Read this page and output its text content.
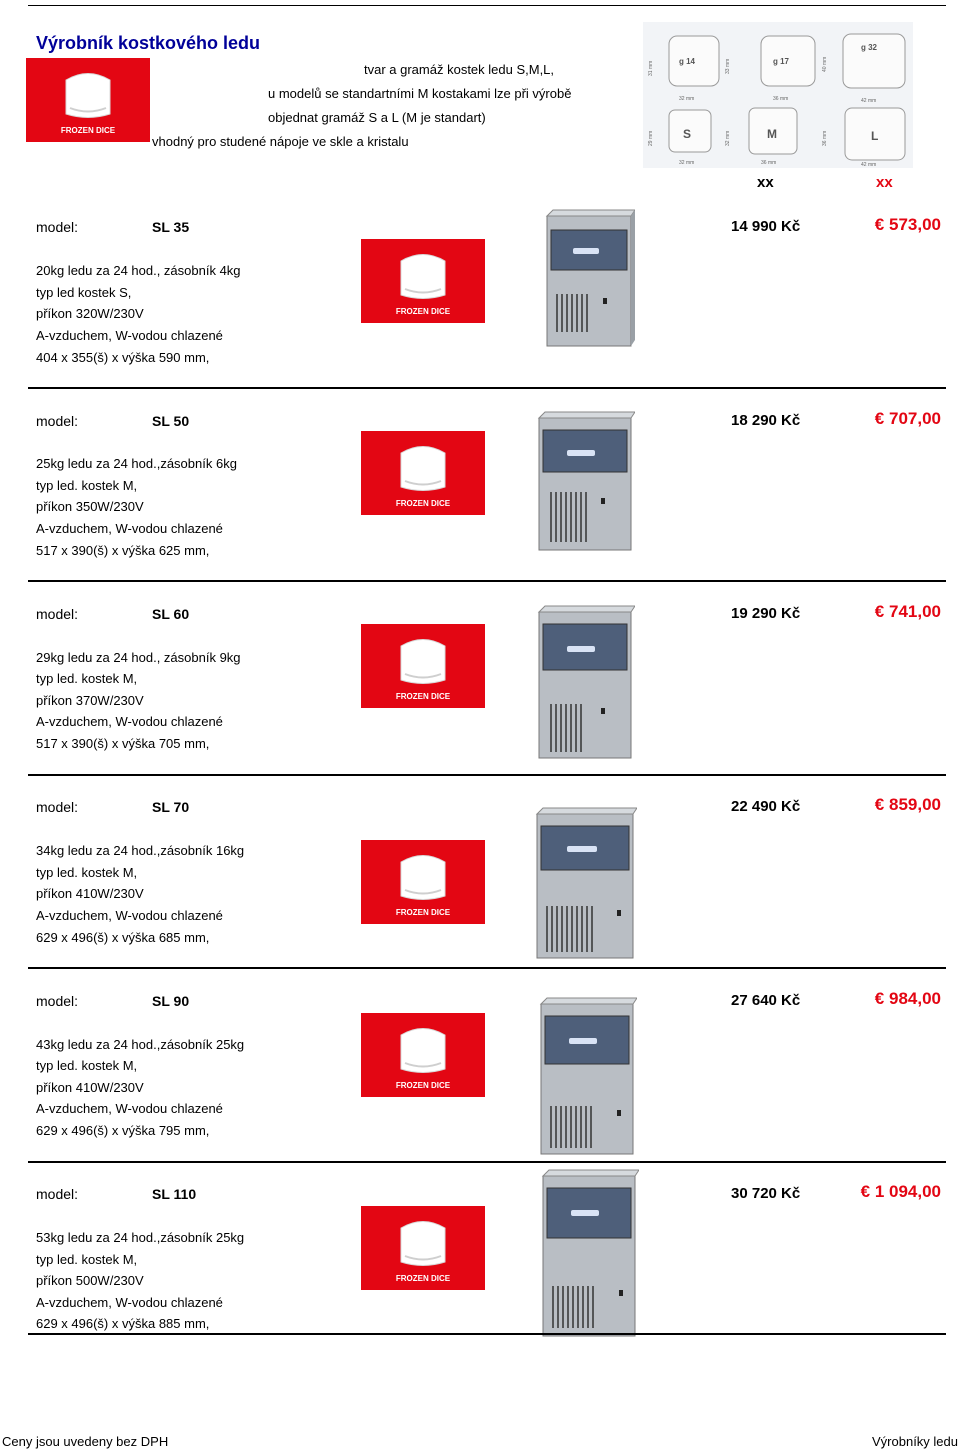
Výrobník kostkového ledu
FROZEN DICE
tvar a gramáž kostek ledu S,M,L,
u modelů se standartními M kostakami lze při výrobě
objednat gramáž S a L (M je standart)
vhodný pro studené nápoje ve skle a kristalu
g 14	g 17
g 32
31 mm	33 mm	40 mm
32 mm	36 mm	42 mm
S	M	L
29 mm	32 mm	36 mm
32 mm	36 mm	42 mm
xx	xx
model:	SL 35	14 990 Kč	€ 573,00
20kg ledu za 24 hod., zásobník 4kg
typ led kostek S,
příkon 320W/230V
A-vzduchem, W-vodou chlazené
404 x 355(š) x výška 590 mm,
FROZEN DICE
model:	SL 50	18 290 Kč	€ 707,00
25kg ledu za 24 hod.,zásobník 6kg
typ led. kostek M,
příkon 350W/230V
A-vzduchem, W-vodou chlazené
517 x 390(š) x výška 625 mm,
FROZEN DICE
model:	SL 60	19 290 Kč	€ 741,00
29kg ledu za 24 hod., zásobník 9kg
typ led. kostek M,
příkon 370W/230V
A-vzduchem, W-vodou chlazené
517 x 390(š) x výška 705 mm,
FROZEN DICE
model:	SL 70	22 490 Kč	€ 859,00
34kg ledu za 24 hod.,zásobník 16kg
typ led. kostek M,
příkon 410W/230V
A-vzduchem, W-vodou chlazené
629 x 496(š) x výška 685 mm,
FROZEN DICE
model:	SL 90	27 640 Kč	€ 984,00
43kg ledu za 24 hod.,zásobník 25kg
typ led. kostek M,
příkon 410W/230V
A-vzduchem, W-vodou chlazené
629 x 496(š) x výška 795 mm,
FROZEN DICE
model:	SL 110	30 720 Kč	€ 1 094,00
53kg ledu za 24 hod.,zásobník 25kg
typ led. kostek M,
příkon 500W/230V
A-vzduchem, W-vodou chlazené
629 x 496(š) x výška 885 mm,
FROZEN DICE
Ceny jsou uvedeny bez DPH	Výrobníky ledu
